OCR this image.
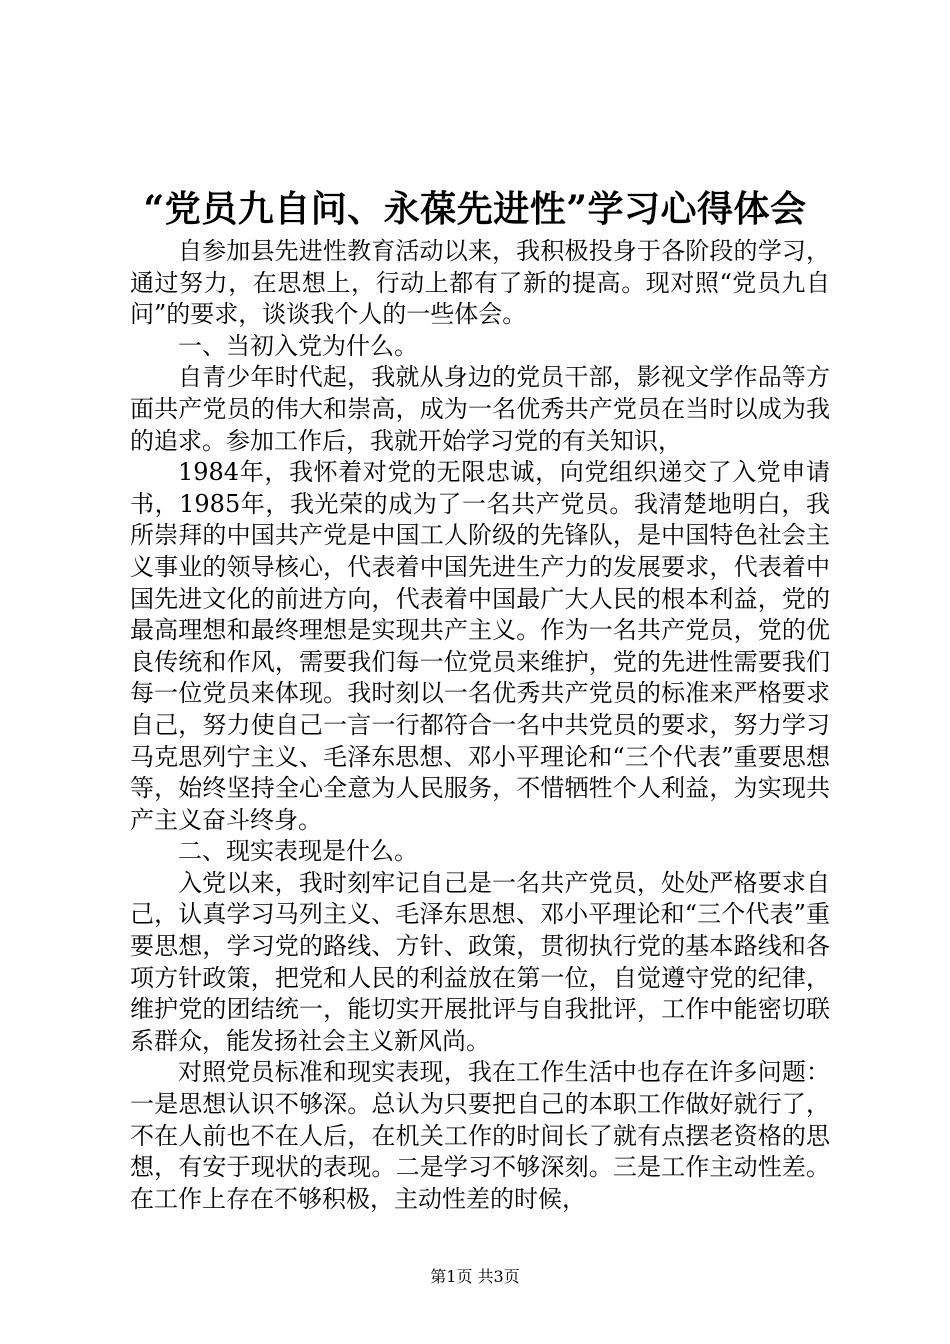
“党员九自问、永葆先进性”学习心得体会

自参加县先进性教育活动以来，我积极投身于各阶段的学习，通过努力，在思想上，行动上都有了新的提高。现对照“党员九自问”的要求，谈谈我个人的一些体会。

一、当初入党为什么。

自青少年时代起，我就从身边的党员干部，影视文学作品等方面共产党员的伟大和崇高，成为一名优秀共产党员在当时以成为我的追求。参加工作后，我就开始学习党的有关知识，

1984年，我怀着对党的无限忠诚，向党组织递交了入党申请书，1985年，我光荣的成为了一名共产党员。我清楚地明白，我所崇拜的中国共产党是中国工人阶级的先锋队，是中国特色社会主义事业的领导核心，代表着中国先进生产力的发展要求，代表着中国先进文化的前进方向，代表着中国最广大人民的根本利益，党的最高理想和最终理想是实现共产主义。作为一名共产党员，党的优良传统和作风，需要我们每一位党员来维护，党的先进性需要我们每一位党员来体现。我时刻以一名优秀共产党员的标准来严格要求自己，努力使自己一言一行都符合一名中共党员的要求，努力学习马克思列宁主义、毛泽东思想、邓小平理论和“三个代表”重要思想等，始终坚持全心全意为人民服务，不惜牺牲个人利益，为实现共产主义奋斗终身。

二、现实表现是什么。

入党以来，我时刻牢记自己是一名共产党员，处处严格要求自己，认真学习马列主义、毛泽东思想、邓小平理论和“三个代表”重要思想，学习党的路线、方针、政策，贯彻执行党的基本路线和各项方针政策，把党和人民的利益放在第一位，自觉遵守党的纪律，维护党的团结统一，能切实开展批评与自我批评，工作中能密切联系群众，能发扬社会主义新风尚。

对照党员标准和现实表现，我在工作生活中也存在许多问题：一是思想认识不够深。总认为只要把自己的本职工作做好就行了，不在人前也不在人后，在机关工作的时间长了就有点摆老资格的思想，有安于现状的表现。二是学习不够深刻。三是工作主动性差。在工作上存在不够积极，主动性差的时候，

第1页 共3页
